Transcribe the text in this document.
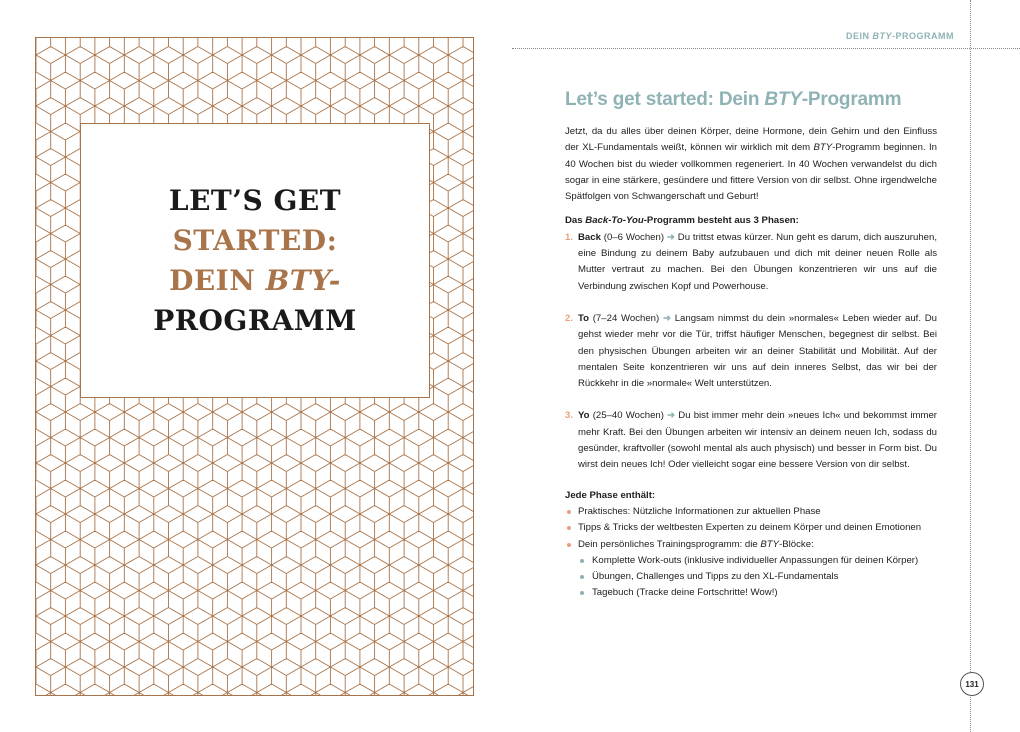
LET’S GET
STARTED:
DEIN BTY-
PROGRAMM
DEIN BTY-PROGRAMM
Let’s get started: Dein BTY-Programm

Jetzt, da du alles über deinen Körper, deine Hormone, dein Gehirn und den Einfluss der XL-Fundamentals weißt, können wir wirklich mit dem BTY-Programm beginnen. In 40 Wochen bist du wieder vollkommen regeneriert. In 40 Wochen verwandelst du dich sogar in eine stärkere, gesündere und fittere Version von dir selbst. Ohne irgendwelche Spätfolgen von Schwangerschaft und Geburt!

Das Back-To-You-Programm besteht aus 3 Phasen:
1. Back (0–6 Wochen) ➜ Du trittst etwas kürzer. Nun geht es darum, dich auszuruhen, eine Bindung zu deinem Baby aufzubauen und dich mit deiner neuen Rolle als Mutter vertraut zu machen. Bei den Übungen konzentrieren wir uns auf die Verbindung zwischen Kopf und Powerhouse.
2. To (7–24 Wochen) ➜ Langsam nimmst du dein »normales« Leben wieder auf. Du gehst wieder mehr vor die Tür, triffst häufiger Menschen, begegnest dir selbst. Bei den physischen Übungen arbeiten wir an deiner Stabilität und Mobilität. Auf der mentalen Seite konzentrieren wir uns auf dein inneres Selbst, das wir bei der Rückkehr in die »normale« Welt unterstützen.
3. Yo (25–40 Wochen) ➜ Du bist immer mehr dein »neues Ich« und bekommst immer mehr Kraft. Bei den Übungen arbeiten wir intensiv an deinem neuen Ich, sodass du gesünder, kraftvoller (sowohl mental als auch physisch) und besser in Form bist. Du wirst dein neues Ich! Oder vielleicht sogar eine bessere Version von dir selbst.
Jede Phase enthält:
Praktisches: Nützliche Informationen zur aktuellen Phase
Tipps & Tricks der weltbesten Experten zu deinem Körper und deinen Emotionen
Dein persönliches Trainingsprogramm: die BTY-Blöcke:
Komplette Work-outs (inklusive individueller Anpassungen für deinen Körper)
Übungen, Challenges und Tipps zu den XL-Fundamentals
Tagebuch (Tracke deine Fortschritte! Wow!)
131
